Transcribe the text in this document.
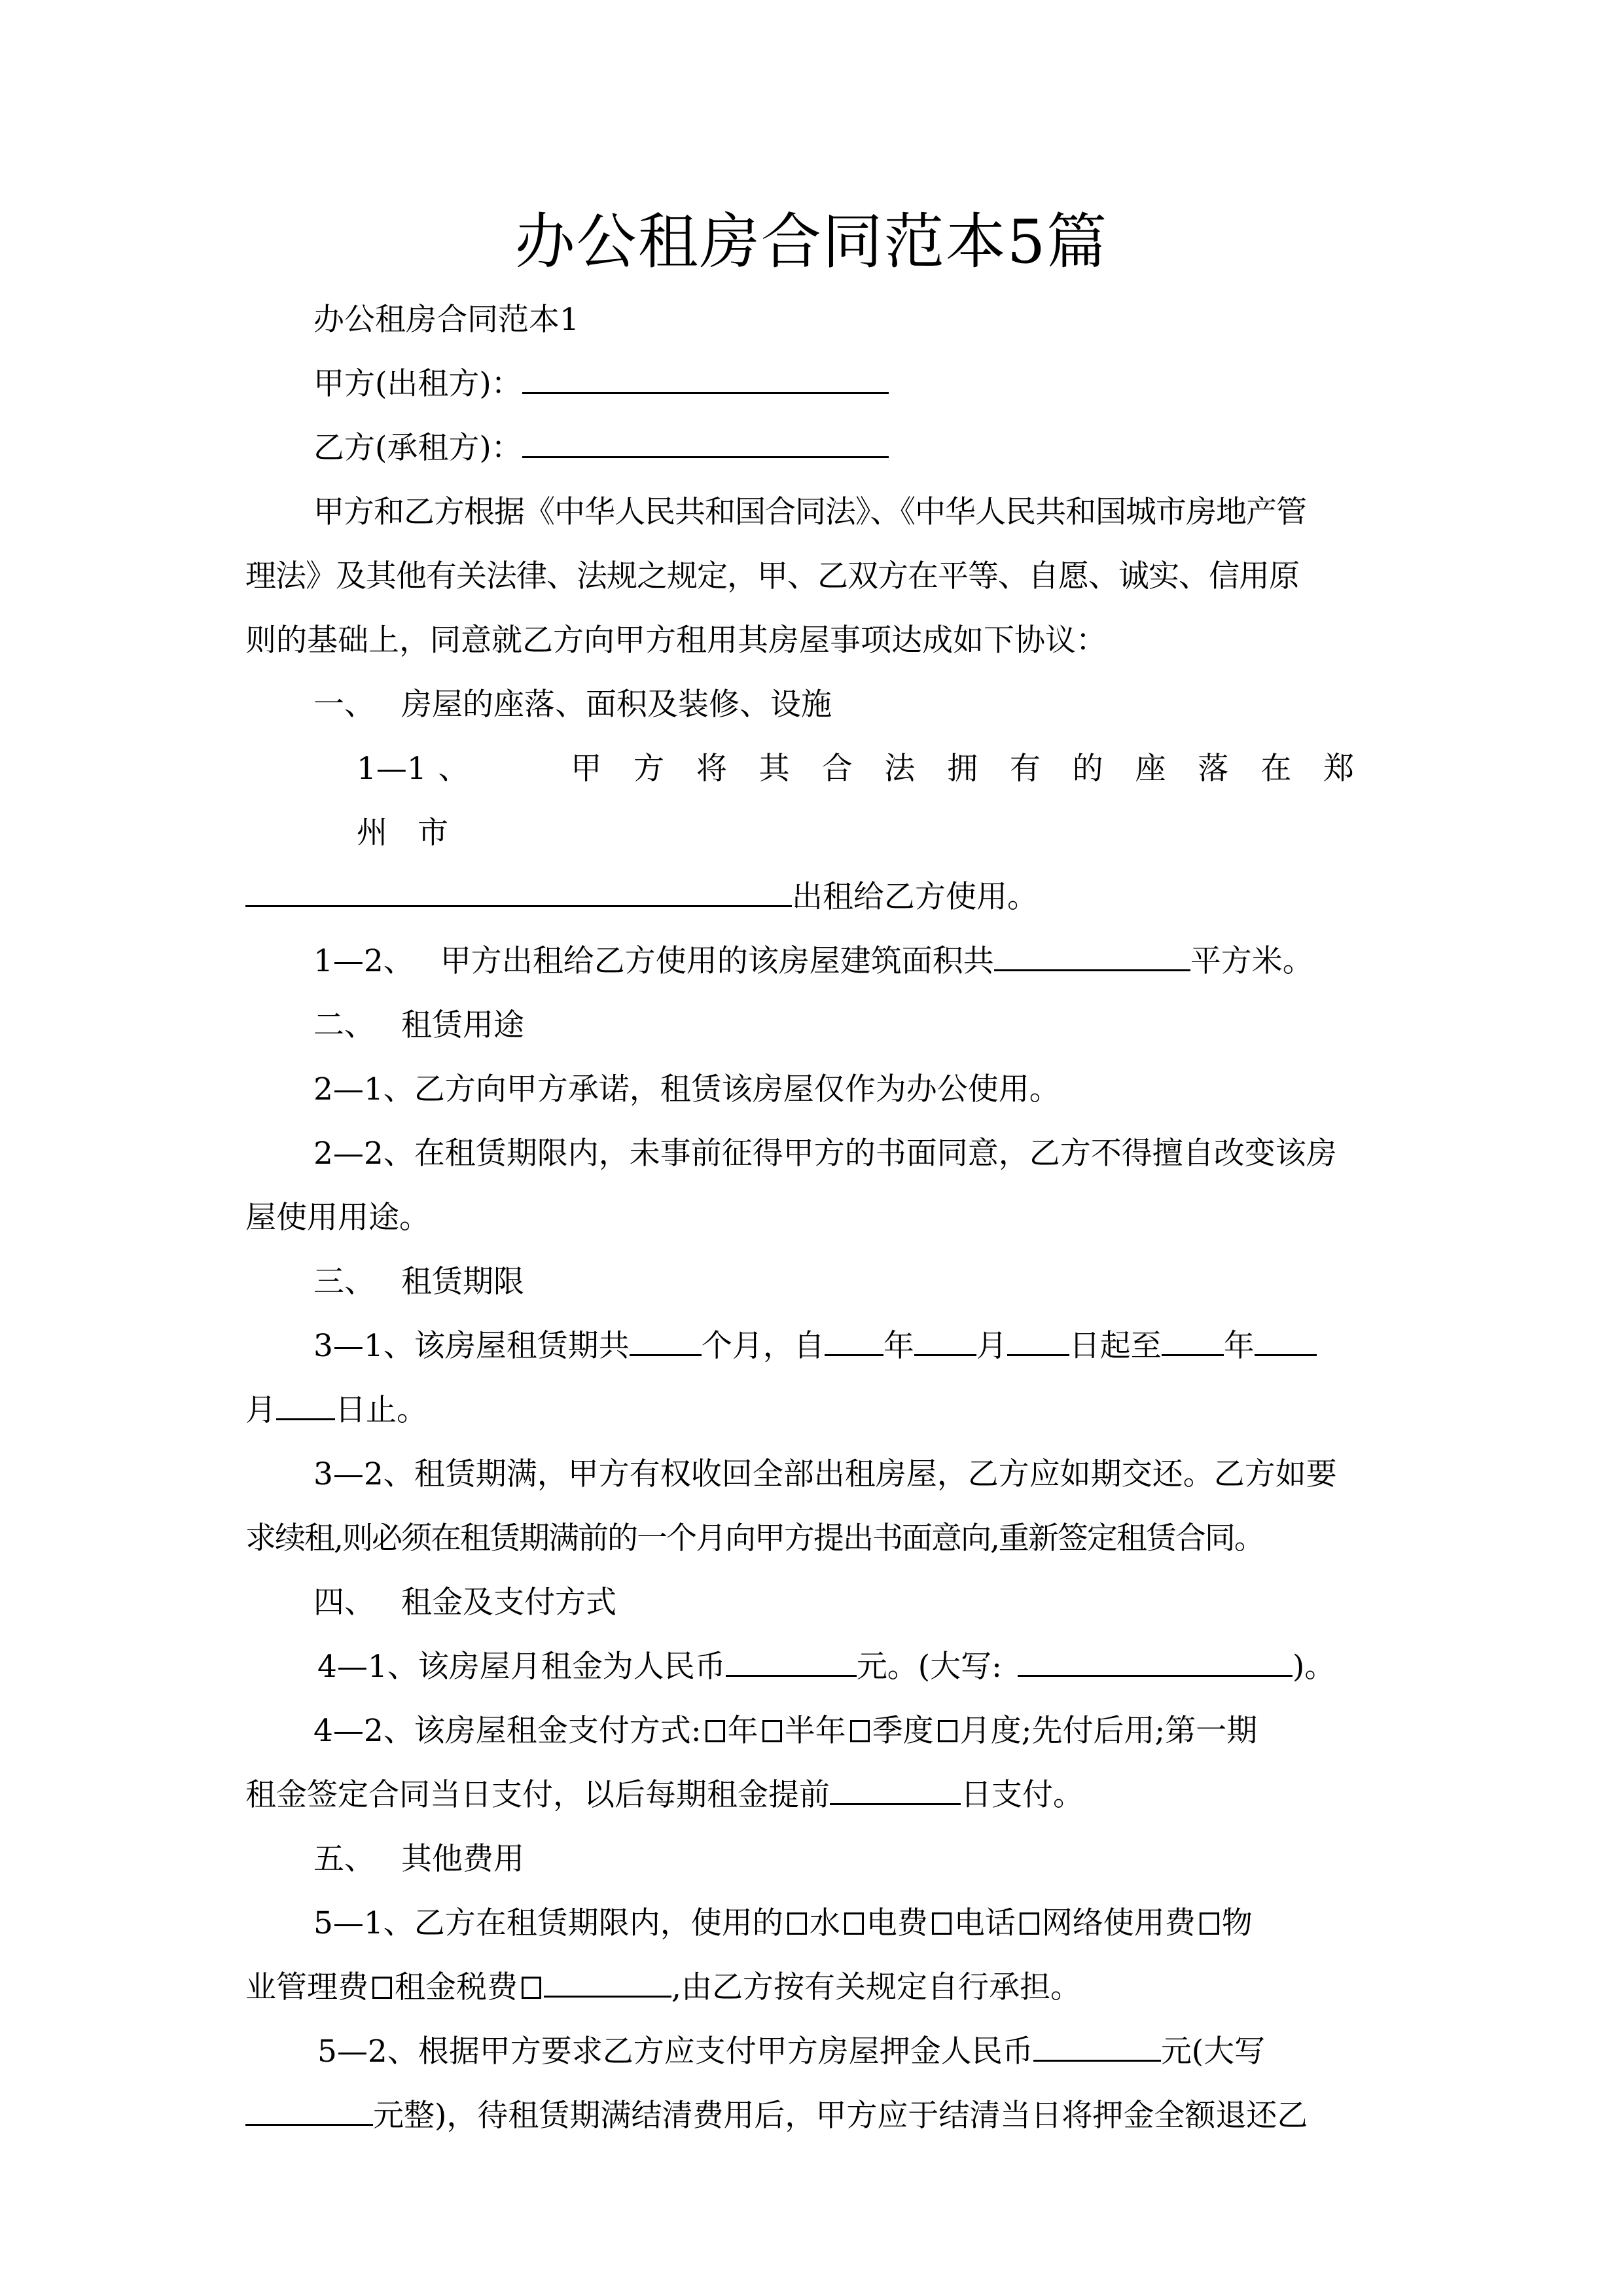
办公租房合同范本5篇

办公租房合同范本1

甲方(出租方)：

乙方(承租方)：

甲方和乙方根据《中华人民共和国合同法》、《中华人民共和国城市房地产管

理法》及其他有关法律、法规之规定，甲、乙双方在平等、自愿、诚实、信用原

则的基础上，同意就乙方向甲方租用其房屋事项达成如下协议：

一、 房屋的座落、面积及装修、设施

1—1 、	甲方将其合法拥有的座落在郑州市

出租给乙方使用。

1—2、 甲方出租给乙方使用的该房屋建筑面积共	平方米。

二、 租赁用途

2—1、乙方向甲方承诺，租赁该房屋仅作为办公使用。

2—2、在租赁期限内，未事前征得甲方的书面同意，乙方不得擅自改变该房

屋使用用途。

三、 租赁期限

3—1、该房屋租赁期共 个月，自 年 月 日起至 年

月 日止。

3—2、租赁期满，甲方有权收回全部出租房屋，乙方应如期交还。乙方如要

求续租,则必须在租赁期满前的一个月向甲方提出书面意向,重新签定租赁合同。

四、 租金及支付方式

4—1、该房屋月租金为人民币	元。(大写:	)。

4—2、该房屋租金支付方式: 年 半年 季度 月度;先付后用;第一期

租金签定合同当日支付，以后每期租金提前	日支付。

五、 其他费用

5—1、乙方在租赁期限内，使用的 水 电费 电话 网络使用费 物

业管理费 租金税费	,由乙方按有关规定自行承担。

5—2、根据甲方要求乙方应支付甲方房屋押金人民币	元(大写

元整)，待租赁期满结清费用后，甲方应于结清当日将押金全额退还乙
